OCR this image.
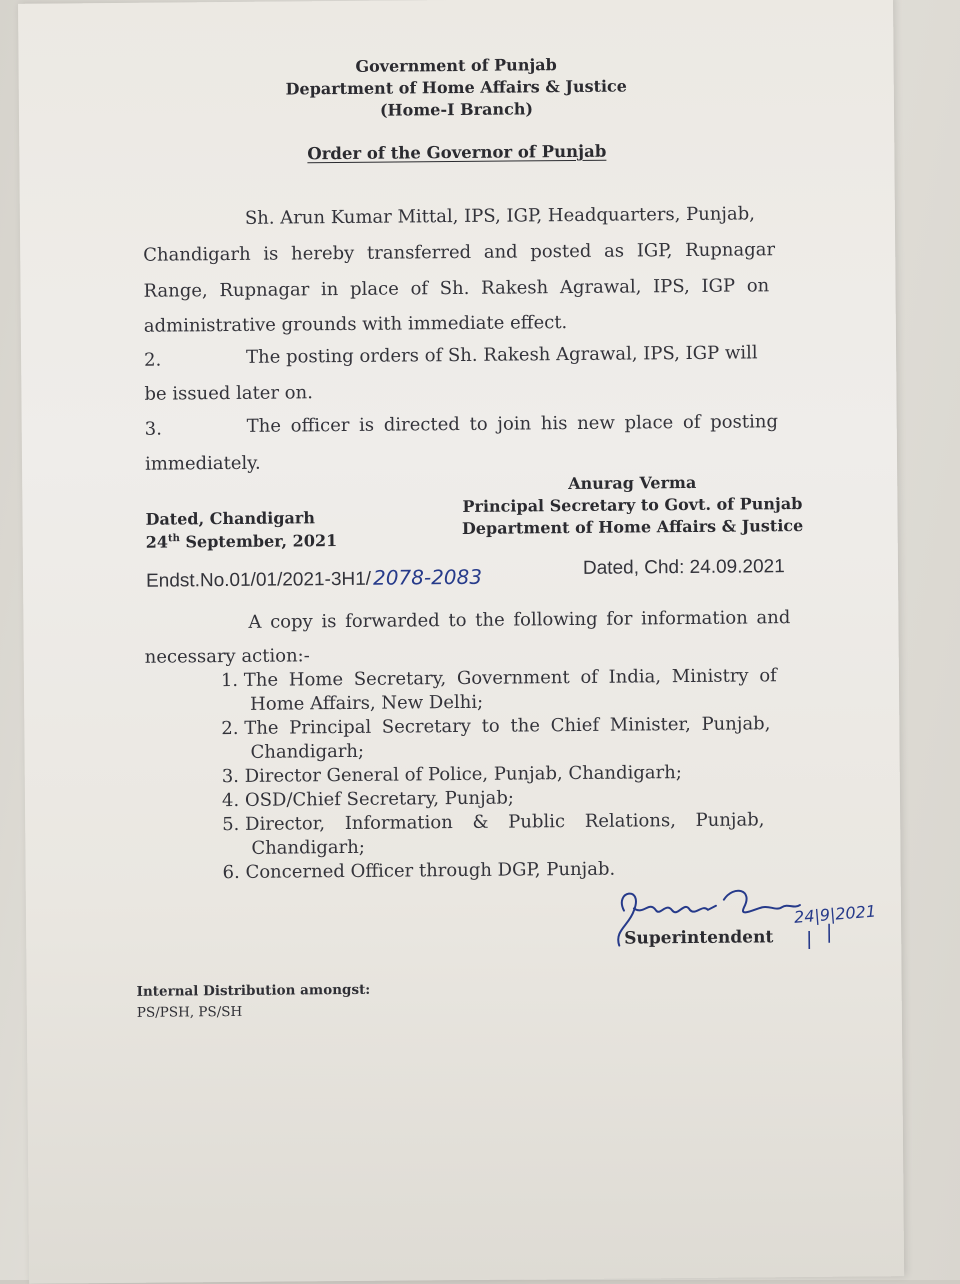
Government of Punjab
Department of Home Affairs & Justice
(Home-I Branch)
Order of the Governor of Punjab
Sh. Arun Kumar Mittal, IPS, IGP, Headquarters, Punjab,
Chandigarh is hereby transferred and posted as IGP, Rupnagar
Range, Rupnagar in place of Sh. Rakesh Agrawal, IPS, IGP on
administrative grounds with immediate effect.
2.	The posting orders of Sh. Rakesh Agrawal, IPS, IGP will
be issued later on.
3.	The officer is directed to join his new place of posting
immediately.
Anurag Verma
Principal Secretary to Govt. of Punjab
Department of Home Affairs & Justice
Dated, Chandigarh
24th September, 2021
Endst.No.01/01/2021-3H1/2078-2083	Dated, Chd: 24.09.2021
A copy is forwarded to the following for information and
necessary action:-
1. The Home Secretary, Government of India, Ministry of
Home Affairs, New Delhi;
2. The Principal Secretary to the Chief Minister, Punjab,
Chandigarh;
3. Director General of Police, Punjab, Chandigarh;
4. OSD/Chief Secretary, Punjab;
5. Director, Information & Public Relations, Punjab,
Chandigarh;
6. Concerned Officer through DGP, Punjab.
Superintendent
24|9|2021
Internal Distribution amongst:
PS/PSH, PS/SH
